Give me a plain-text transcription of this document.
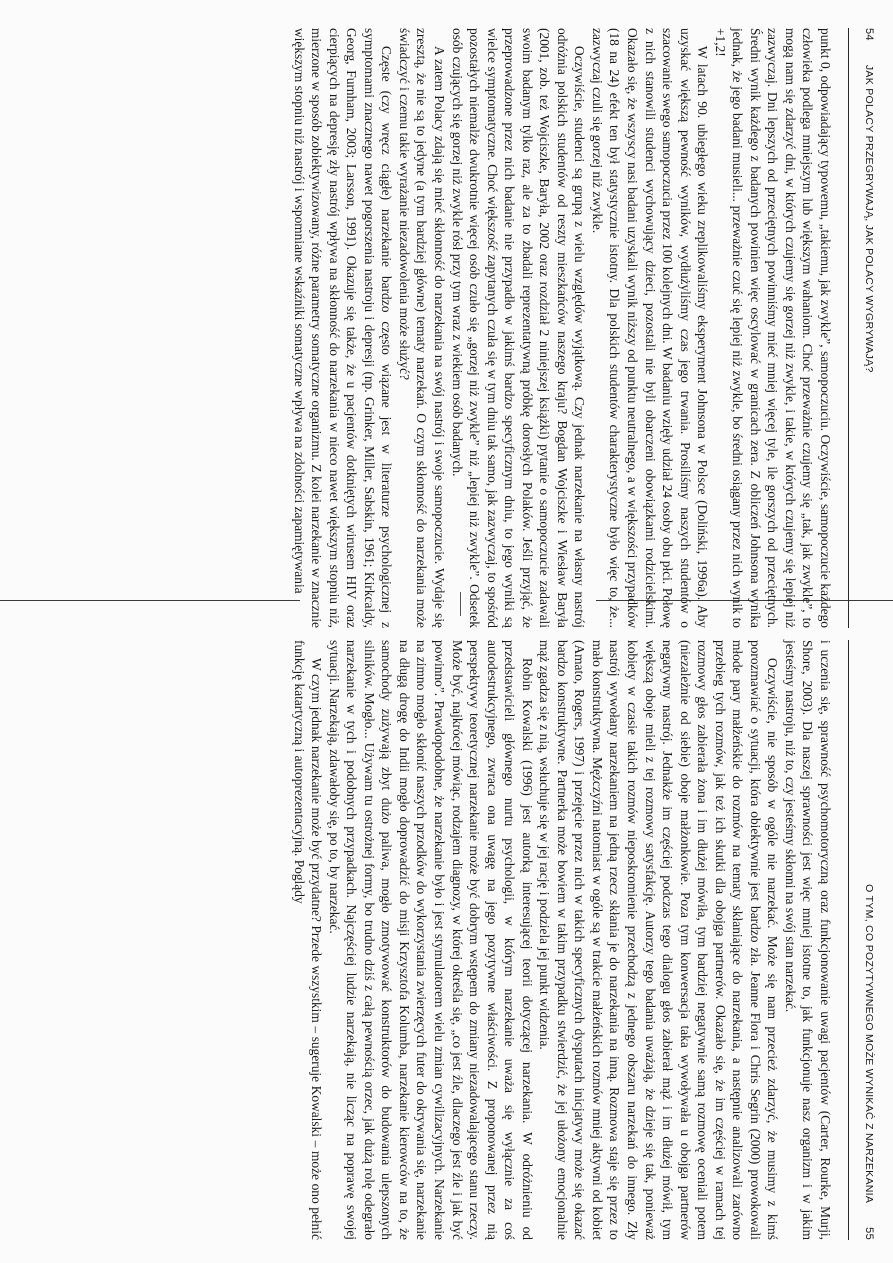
54
JAK POLACY PRZEGRYWAJĄ, JAK POLACY WYGRYWAJĄ?

punkt 0, odpowiadający typowemu, „takiemu, jak zwykle”, samopoczuciu. Oczywiście, samopoczucie każdego człowieka podlega mniejszym lub większym wahaniom. Choć przeważnie czujemy się „tak, jak zwykle”, to mogą nam się zdarzyć dni, w których czujemy się gorzej niż zwykle, i takie, w których czujemy się lepiej niż zazwyczaj. Dni lepszych od przeciętnych powinniśmy mieć mniej więcej tyle, ile gorszych od przeciętnych. Średni wynik każdego z badanych powinien więc oscylować w granicach zera. Z obliczeń Johnsona wynika jednak, że jego badani musieli... przeważnie czuć się lepiej niż zwykle, bo średni osiągany przez nich wynik to +1,2!

W latach 90. ubiegłego wieku zreplikowaliśmy eksperyment Johnsona w Polsce (Doliński, 1996a). Aby uzyskać większą pewność wyników, wydłużyliśmy czas jego trwania. Prosiliśmy naszych studentów o szacowanie swego samopoczucia przez 100 kolejnych dni. W badaniu wzięły udział 24 osoby obu płci. Połowę z nich stanowili studenci wychowujący dzieci, pozostali nie byli obarczeni obowiązkami rodzicielskimi. Okazało się, że wszyscy nasi badani uzyskali wynik niższy od punktu neutralnego, a w większości przypadków (18 na 24) efekt ten był statystycznie istotny. Dla polskich studentów charakterystyczne było więc to, że... zazwyczaj czuli się gorzej niż zwykle.

Oczywiście, studenci są grupą z wielu względów wyjątkową. Czy jednak narzekanie na własny nastrój odróżnia polskich studentów od reszty mieszkańców naszego kraju? Bogdan Wojciszke i Wiesław Baryła (2001, zob. też Wojciszke, Baryła, 2002 oraz rozdział 2 niniejszej książki) pytanie o samopoczucie zadawali swoim badanym tylko raz, ale za to zbadali reprezentatywną próbkę dorosłych Polaków. Jeśli przyjąć, że przeprowadzone przez nich badanie nie przypadło w jakimś bardzo specyficznym dniu, to jego wyniki są wielce symptomatyczne. Choć większość zapytanych czuła się w tym dniu tak samo, jak zazwyczaj, to spośród pozostałych niemalże dwukrotnie więcej osób czuło się „gorzej niż zwykle” niż „lepiej niż zwykle”. Odsetek osób czujących się gorzej niż zwykle rósł przy tym wraz z wiekiem osób badanych.

A zatem Polacy zdają się mieć skłonność do narzekania na swój nastrój i swoje samopoczucie. Wydaje się zresztą, że nie są to jedyne (a tym bardziej główne) tematy narzekań. O czym skłonność do narzekania może świadczyć i czemu takie wyrażanie niezadowolenia może służyć?

Częste (czy wręcz ciągłe) narzekanie bardzo często wiązane jest w literaturze psychologicznej z symptomami znacznego nawet pogorszenia nastroju i depresji (np. Grinker, Miller, Sabskin, 1961; Kirkcaldy, Georg, Furnham, 2003; Larsson, 1991). Okazuje się także, że u pacjentów dotkniętych wirusem HIV oraz cierpiących na depresję zły nastrój wpływa na skłonność do narzekania w nieco nawet większym stopniu niż, mierzone w sposób zobiektywizowany, różne parametry somatyczne organizmu. Z kolei narzekanie w znacznie większym stopniu niż nastrój i wspomniane wskaźniki somatyczne wpływa na zdolności zapamiętywania

O TYM, CO POZYTYWNEGO MOŻE WYNIKAĆ Z NARZEKANIA
55

i uczenia się, sprawność psychomotoryczną oraz funkcjonowanie uwagi pacjentów (Carter, Rourke, Murji, Shore, 2003). Dla naszej sprawności jest więc mniej istotne to, jak funkcjonuje nasz organizm i w jakim jesteśmy nastroju, niż to, czy jesteśmy skłonni na swój stan narzekać.

Oczywiście, nie sposób w ogóle nie narzekać. Może się nam przecież zdarzyć, że musimy z kimś porozmawiać o sytuacji, która obiektywnie jest bardzo zła. Jeanne Flora i Chris Segrin (2000) prowokowali młode pary małżeńskie do rozmów na tematy skłaniające do narzekania, a następnie analizowali zarówno przebieg tych rozmów, jak też ich skutki dla obojga partnerów. Okazało się, że im częściej w ramach tej rozmowy głos zabierała żona i im dłużej mówiła, tym bardziej negatywnie samą rozmowę oceniali potem (niezależnie od siebie) oboje małżonkowie. Poza tym konwersacja taka wywoływała u obojga partnerów negatywny nastrój. Jednakże im częściej podczas tego dialogu głos zabierał mąż i im dłużej mówił, tym większą oboje mieli z tej rozmowy satysfakcję. Autorzy tego badania uważają, że dzieje się tak, ponieważ kobiety w czasie takich rozmów nieposkromienie przechodzą z jednego obszaru narzekań do innego. Zły nastrój wywołany narzekaniem na jedną rzecz skłania je do narzekania na inną. Rozmowa staje się przez to mało konstruktywna. Mężczyźni natomiast w ogóle są w trakcie małżeńskich rozmów mniej aktywni od kobiet (Amato, Rogers, 1997) i przejęcie przez nich w takich specyficznych dysputach inicjatywy może się okazać bardzo konstruktywne. Partnerka może bowiem w takim przypadku stwierdzić, że jej ułożony emocjonalnie mąż zgadza się z nią, wsłuchuje się w jej rację i podziela jej punkt widzenia.

Robin Kowalski (1996) jest autorką interesującej teorii dotyczącej narzekania. W odróżnieniu od przedstawicieli głównego nurtu psychologii, w którym narzekanie uważa się wyłącznie za coś autodestrukcyjnego, zwraca ona uwagę na jego pozytywne właściwości. Z proponowanej przez nią perspektywy teoretycznej narzekanie może być dobrym wstępem do zmiany niezadowalającego stanu rzeczy. Może być, najkrócej mówiąc, rodzajem diagnozy, w której określa się, „co jest źle, dlaczego jest źle i jak być powinno”. Prawdopodobne, że narzekanie było i jest stymulatorem wielu zmian cywilizacyjnych. Narzekanie na zimno mogło skłonić naszych przodków do wykorzystania zwierzęcych futer do okrywania się, narzekanie na długą drogę do Indii mogło doprowadzić do misji Krzysztofa Kolumba, narzekanie kierowców na to, że samochody zużywają zbyt dużo paliwa, mogło zmotywować konstruktorów do budowania ulepszonych silników. Mogło... Używam tu ostrożnej formy, bo trudno dziś z całą pewnością orzec, jak dużą rolę odegrało narzekanie w tych i podobnych przypadkach. Najczęściej ludzie narzekają, nie licząc na poprawę swojej sytuacji. Narzekają, zdawałoby się, po to, by narzekać.

W czym jednak narzekanie może być przydatne? Przede wszystkim – sugeruje Kowalski – może ono pełnić funkcję katartyczną i autoprezentacyjną. Poglądy
